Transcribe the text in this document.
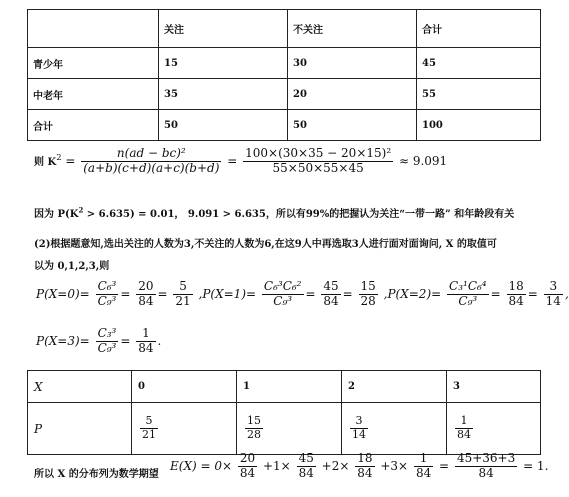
	关注	不关注	合计
青少年	15	30	45
中老年	35	20	55
合计	50	50	100
则 $K^2 = \frac{\text{n(ad − bc)²}}{(a+b)(c+d)(a+c)(b+d)} = \frac{\text{100×(30×35 − 20×15)²}}{55\times 50\times 55\times 45} \approx 9.091$
因为 $P(K^2 > 6.635) = 0.01$， 9.091 > 6.635，所以有99%的把握认为关注“一带一路” 和年龄段有关
(2)根据题意知,选出关注的人数为3,不关注的人数为6,在这9人中再选取3人进行面对面询问, X 的取值可
以为 0,1,2,3,则
$P(X=0)= \frac{\text{C₆³}}{\text{C₉³}} = \frac{20}{84} = \frac{5}{21} ,P(X=1)= \frac{\text{C₆³C₆²}}{\text{C₉³}} = \frac{45}{84} = \frac{15}{28} ,P(X=2)= \frac{\text{C₃¹C₆⁴}}{\text{C₉³}} = \frac{18}{84} = \frac{3}{14}$ ,
$P(X=3)= \frac{\text{C₃³}}{\text{C₉³}} = \frac{1}{84}$ .
X	0	1	2	3
P	$\frac{5}{21}$	$\frac{15}{28}$	$\frac{3}{14}$	$\frac{1}{84}$
所以 X 的分布列为数学期望
$E(X) = 0\times \frac{20}{84} +1\times \frac{45}{84} +2\times \frac{18}{84} +3\times \frac{1}{84} = \frac{45+36+3}{84} = 1$.
